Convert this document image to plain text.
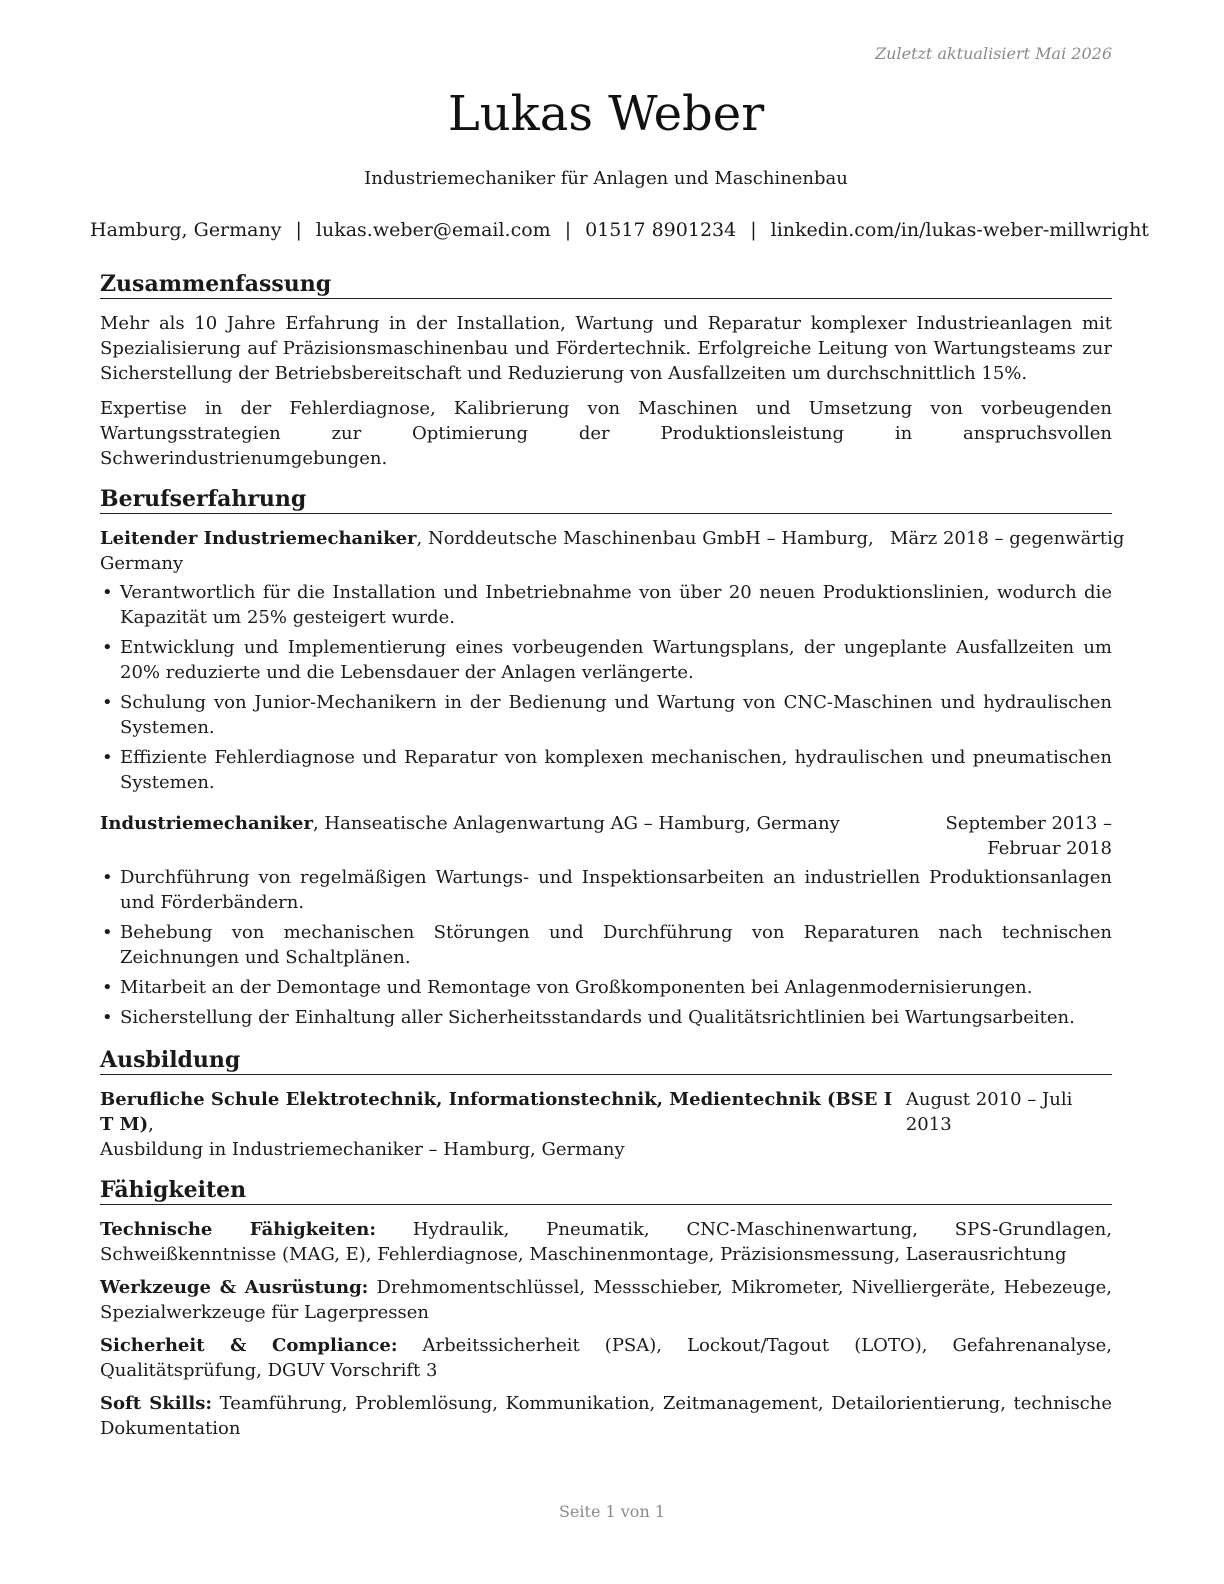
Zuletzt aktualisiert Mai 2026
Lukas Weber
Industriemechaniker für Anlagen und Maschinenbau
Hamburg, Germany | lukas.weber@email.com | 01517 8901234 | linkedin.com/in/lukas-weber-millwright
Zusammenfassung

Mehr als 10 Jahre Erfahrung in der Installation, Wartung und Reparatur komplexer Industrieanlagen mit Spezialisierung auf Präzisionsmaschinenbau und Fördertechnik. Erfolgreiche Leitung von Wartungsteams zur Sicherstellung der Betriebsbereitschaft und Reduzierung von Ausfallzeiten um durchschnittlich 15%.

Expertise in der Fehlerdiagnose, Kalibrierung von Maschinen und Umsetzung von vorbeugenden Wartungsstrategien zur Optimierung der Produktionsleistung in anspruchsvollen Schwerindustrienumgebungen.

Berufserfahrung
Leitender Industriemechaniker, Norddeutsche Maschinenbau GmbH – Hamburg, Germany
März 2018 – gegenwärtig
• Verantwortlich für die Installation und Inbetriebnahme von über 20 neuen Produktionslinien, wodurch die Kapazität um 25% gesteigert wurde.
• Entwicklung und Implementierung eines vorbeugenden Wartungsplans, der ungeplante Ausfallzeiten um 20% reduzierte und die Lebensdauer der Anlagen verlängerte.
• Schulung von Junior-Mechanikern in der Bedienung und Wartung von CNC-Maschinen und hydraulischen Systemen.
• Effiziente Fehlerdiagnose und Reparatur von komplexen mechanischen, hydraulischen und pneumatischen Systemen.
Industriemechaniker, Hanseatische Anlagenwartung AG – Hamburg, Germany	September 2013 – Februar 2018
• Durchführung von regelmäßigen Wartungs- und Inspektionsarbeiten an industriellen Produktionsanlagen und Förderbändern.
• Behebung von mechanischen Störungen und Durchführung von Reparaturen nach technischen Zeichnungen und Schaltplänen.
• Mitarbeit an der Demontage und Remontage von Großkomponenten bei Anlagenmodernisierungen.
• Sicherstellung der Einhaltung aller Sicherheitsstandards und Qualitätsrichtlinien bei Wartungsarbeiten.
Ausbildung
Berufliche Schule Elektrotechnik, Informationstechnik, Medientechnik (BSE I T M),
August 2010 – Juli 2013
Ausbildung in Industriemechaniker – Hamburg, Germany
Fähigkeiten
Technische Fähigkeiten: Hydraulik, Pneumatik, CNC-Maschinenwartung, SPS-Grundlagen, Schweißkenntnisse (MAG, E), Fehlerdiagnose, Maschinenmontage, Präzisionsmessung, Laserausrichtung
Werkzeuge & Ausrüstung: Drehmomentschlüssel, Messschieber, Mikrometer, Nivelliergeräte, Hebezeuge, Spezialwerkzeuge für Lagerpressen
Sicherheit & Compliance: Arbeitssicherheit (PSA), Lockout/Tagout (LOTO), Gefahrenanalyse, Qualitätsprüfung, DGUV Vorschrift 3
Soft Skills: Teamführung, Problemlösung, Kommunikation, Zeitmanagement, Detailorientierung, technische Dokumentation
Seite 1 von 1
